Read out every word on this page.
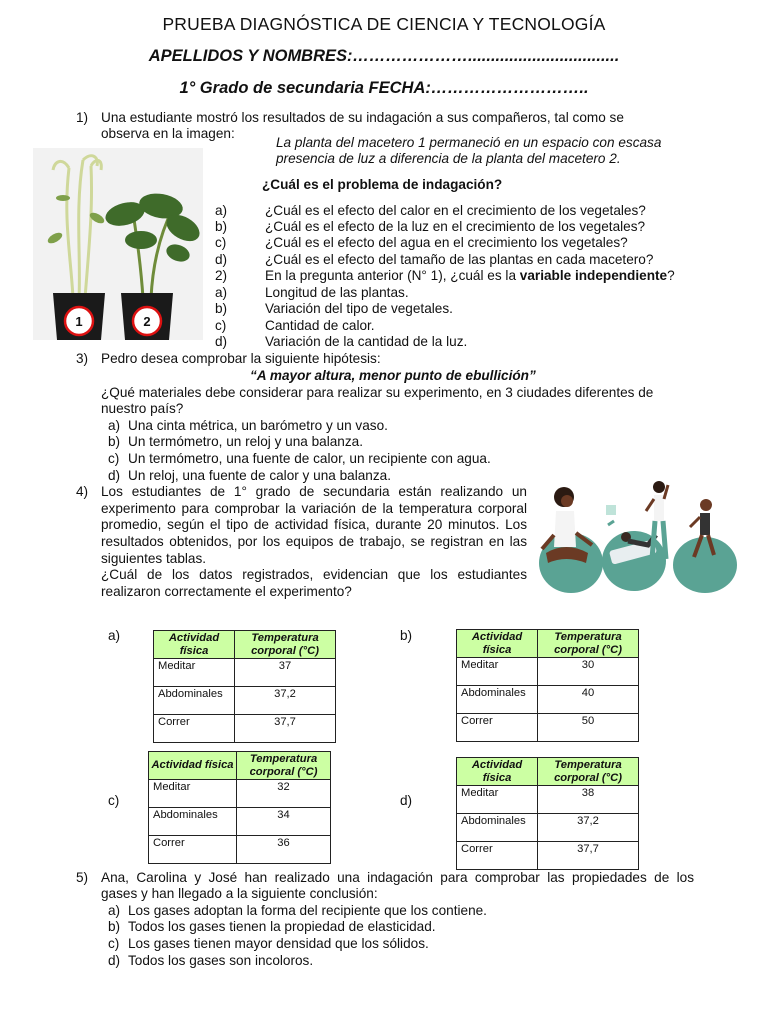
PRUEBA DIAGNÓSTICA DE CIENCIA Y TECNOLOGÍA
APELLIDOS Y NOMBRES:………………….................................
1° Grado de secundaria FECHA:………………………..
1) Una estudiante mostró los resultados de su indagación a sus compañeros, tal como se
observa en la imagen:
La planta del macetero 1 permaneció en un espacio con escasa
presencia de luz a diferencia de la planta del macetero 2.
¿Cuál es el problema de indagación?
1	2
a)	¿Cuál es el efecto del calor en el crecimiento de los vegetales?
b)	¿Cuál es el efecto de la luz en el crecimiento de los vegetales?
c)	¿Cuál es el efecto del agua en el crecimiento los vegetales?
d)	¿Cuál es el efecto del tamaño de las plantas en cada macetero?
2)	En la pregunta anterior (N° 1), ¿cuál es la variable independiente?
a)	Longitud de las plantas.
b)	Variación del tipo de vegetales.
c)	Cantidad de calor.
d)	Variación de la cantidad de la luz.
3) Pedro desea comprobar la siguiente hipótesis:
“A mayor altura, menor punto de ebullición”
¿Qué materiales debe considerar para realizar su experimento, en 3 ciudades diferentes de
nuestro país?
a) Una cinta métrica, un barómetro y un vaso.
b) Un termómetro, un reloj y una balanza.
c) Un termómetro, una fuente de calor, un recipiente con agua.
d) Un reloj, una fuente de calor y una balanza.
4) Los estudiantes de 1° grado de secundaria están realizando un
experimento para comprobar la variación de la temperatura corporal
promedio, según el tipo de actividad física, durante 20 minutos. Los
resultados obtenidos, por los equipos de trabajo, se registran en las
siguientes tablas.
¿Cuál de los datos registrados, evidencian que los estudiantes
realizaron correctamente el experimento?
a)	b)
c)	d)
Actividad física	Temperatura corporal (°C)
Meditar	37
Abdominales	37,2
Correr	37,7
Actividad física	Temperatura corporal (°C)
Meditar	30
Abdominales	40
Correr	50
Actividad física	Temperatura corporal (°C)
Meditar	32
Abdominales	34
Correr	36
Actividad física	Temperatura corporal (°C)
Meditar	38
Abdominales	37,2
Correr	37,7
5) Ana, Carolina y José han realizado una indagación para comprobar las propiedades de los
gases y han llegado a la siguiente conclusión:
a) Los gases adoptan la forma del recipiente que los contiene.
b) Todos los gases tienen la propiedad de elasticidad.
c) Los gases tienen mayor densidad que los sólidos.
d) Todos los gases son incoloros.
